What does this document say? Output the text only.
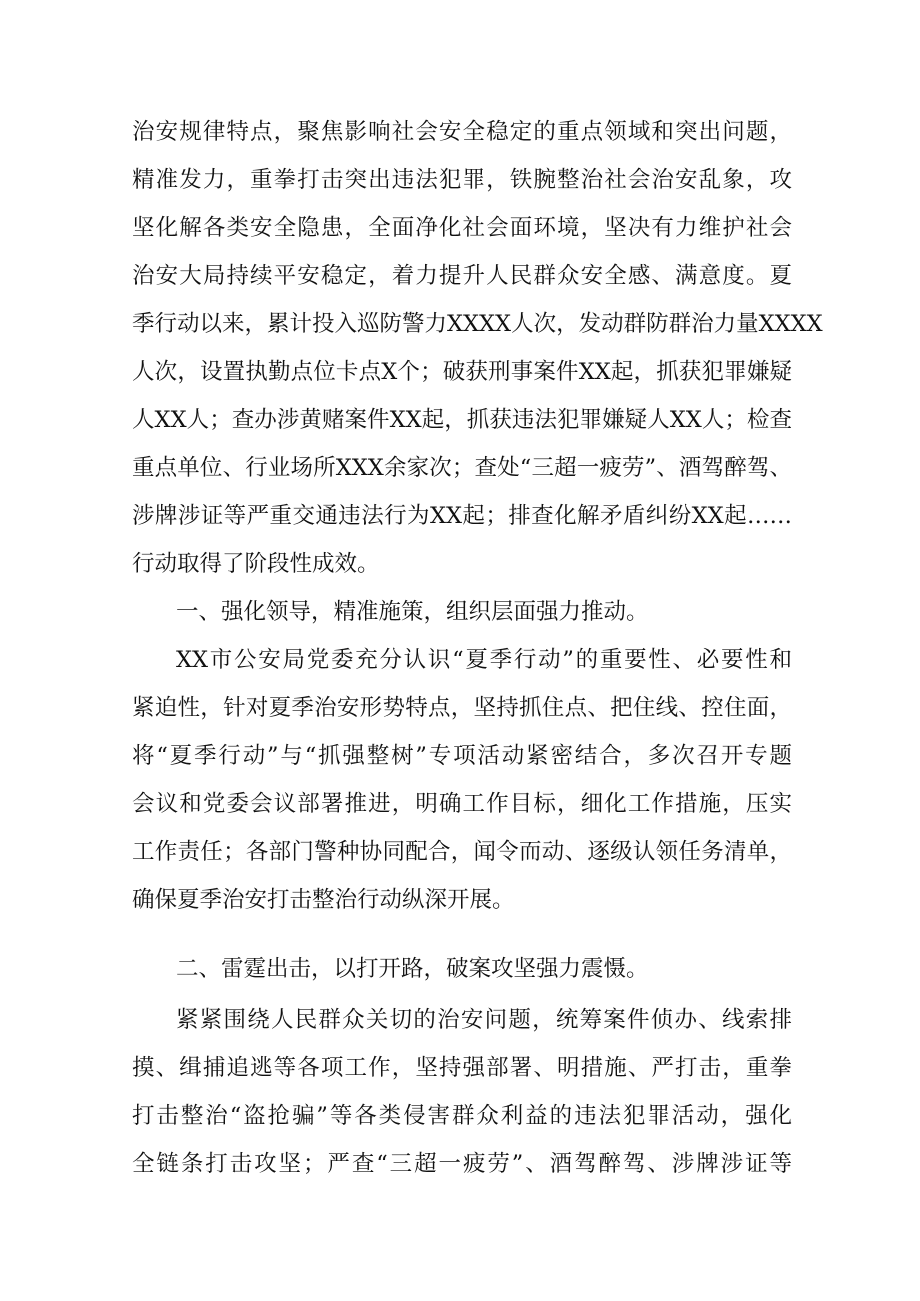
治安规律特点，聚焦影响社会安全稳定的重点领域和突出问题，
精准发力，重拳打击突出违法犯罪，铁腕整治社会治安乱象，攻
坚化解各类安全隐患，全面净化社会面环境，坚决有力维护社会
治安大局持续平安稳定，着力提升人民群众安全感、满意度。夏
季行动以来，累计投入巡防警力XXXX人次，发动群防群治力量XXXX
人次，设置执勤点位卡点X个；破获刑事案件XX起，抓获犯罪嫌疑
人XX人；查办涉黄赌案件XX起，抓获违法犯罪嫌疑人XX人；检查
重点单位、行业场所XXX余家次；查处“三超一疲劳”、酒驾醉驾、
涉牌涉证等严重交通违法行为XX起；排查化解矛盾纠纷XX起……
行动取得了阶段性成效。
一、强化领导，精准施策，组织层面强力推动。
XX市公安局党委充分认识“夏季行动”的重要性、必要性和
紧迫性，针对夏季治安形势特点，坚持抓住点、把住线、控住面，
将“夏季行动”与“抓强整树”专项活动紧密结合，多次召开专题
会议和党委会议部署推进，明确工作目标，细化工作措施，压实
工作责任；各部门警种协同配合，闻令而动、逐级认领任务清单，
确保夏季治安打击整治行动纵深开展。
二、雷霆出击，以打开路，破案攻坚强力震慑。
紧紧围绕人民群众关切的治安问题，统筹案件侦办、线索排
摸、缉捕追逃等各项工作，坚持强部署、明措施、严打击，重拳
打击整治“盗抢骗”等各类侵害群众利益的违法犯罪活动，强化
全链条打击攻坚；严查“三超一疲劳”、酒驾醉驾、涉牌涉证等
